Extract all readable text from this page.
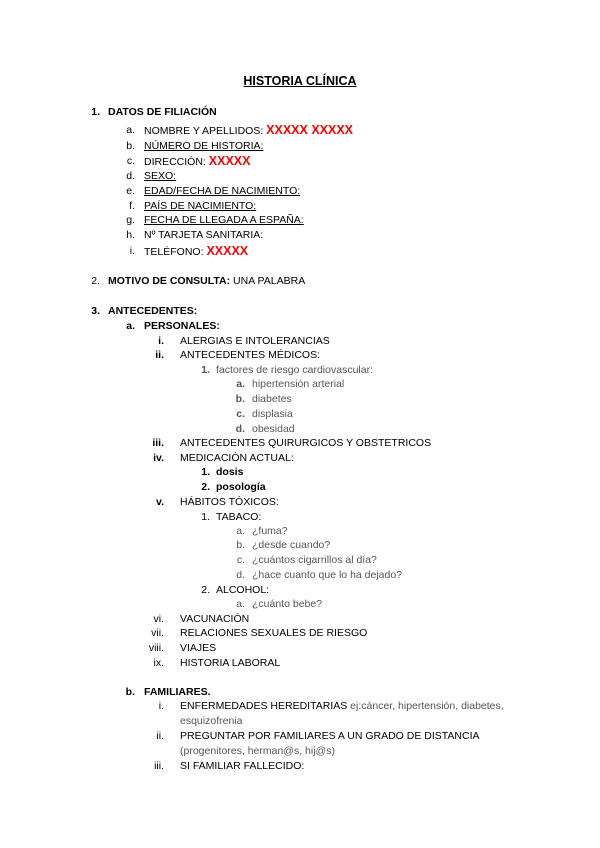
HISTORIA CLÍNICA
1. DATOS DE FILIACIÓN
a. NOMBRE Y APELLIDOS: XXXXX XXXXX
b. NÚMERO DE HISTORIA:
c. DIRECCIÓN: XXXXX
d. SEXO:
e. EDAD/FECHA DE NACIMIENTO:
f. PAÍS DE NACIMIENTO:
g. FECHA DE LLEGADA A ESPAÑA:
h. Nº TARJETA SANITARIA:
i. TELÉFONO: XXXXX
2. MOTIVO DE CONSULTA: UNA PALABRA
3. ANTECEDENTES:
a. PERSONALES:
i. ALERGIAS E INTOLERANCIAS
ii. ANTECEDENTES MÉDICOS:
1. factores de riesgo cardiovascular:
a. hipertensión arterial
b. diabetes
c. displasia
d. obesidad
iii. ANTECEDENTES QUIRURGICOS Y OBSTETRICOS
iv. MEDICACIÓN ACTUAL:
1. dosis
2. posología
v. HÁBITOS TÓXICOS:
1. TABACO:
a. ¿fuma?
b. ¿desde cuando?
c. ¿cuántos cigarrillos al día?
d. ¿hace cuanto que lo ha dejado?
2. ALCOHOL:
a. ¿cuánto bebe?
vi. VACUNACIÓN
vii. RELACIONES SEXUALES DE RIESGO
viii. VIAJES
ix. HISTORIA LABORAL
b. FAMILIARES.
i. ENFERMEDADES HEREDITARIAS ej:cáncer, hipertensión, diabetes,
esquizofrenia
ii. PREGUNTAR POR FAMILIARES A UN GRADO DE DISTANCIA
(progenitores, herman@s, hij@s)
iii. SI FAMILIAR FALLECIDO:
